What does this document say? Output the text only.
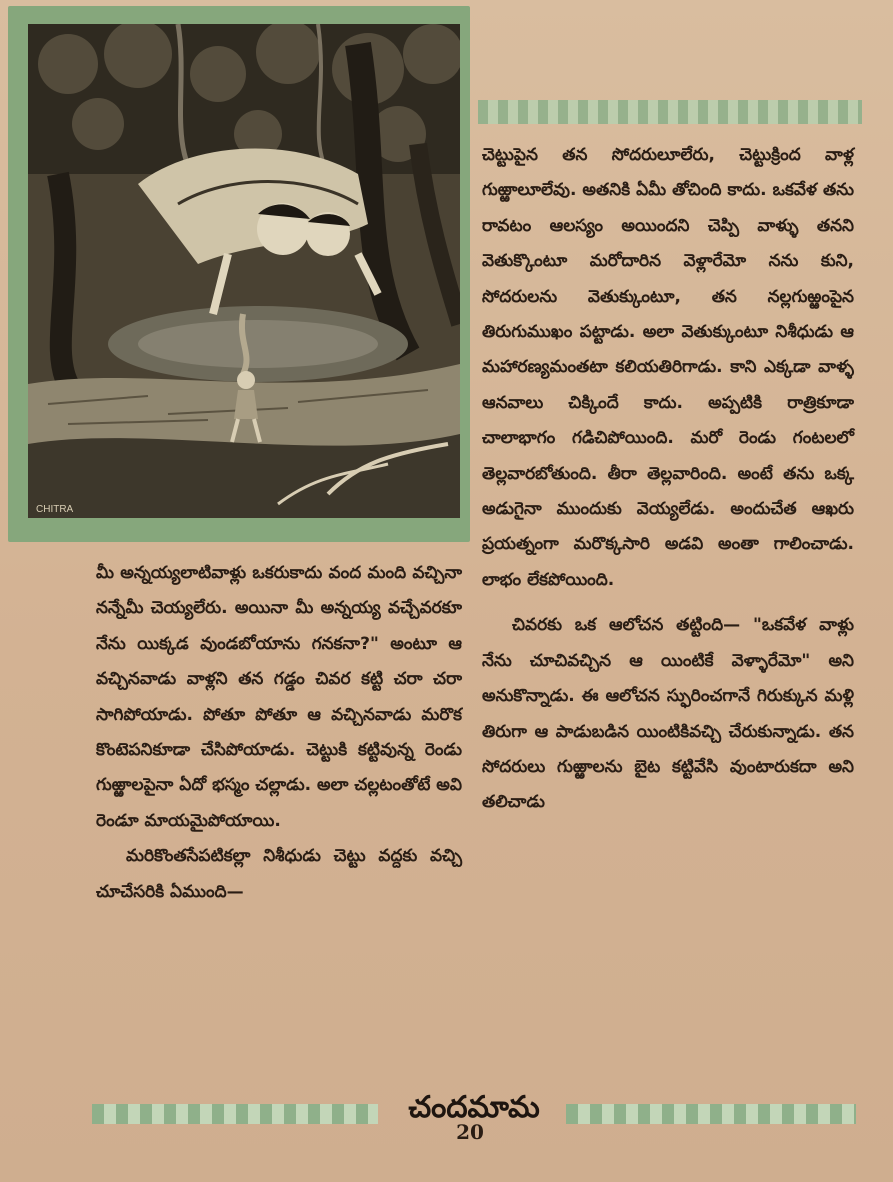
CHITRA

చెట్టుపైన తన సోదరులూలేరు, చెట్టుక్రింద వాళ్ల గుఱ్ఱాలూలేవు. అతనికి ఏమీ తోచింది కాదు. ఒకవేళ తను రావటం ఆలస్యం అయిందని చెప్పి వాళ్ళు తనని వెతుక్కొంటూ మరోదారిన వెళ్లారేమో నను కుని, సోదరులను వెతుక్కుంటూ, తన నల్లగుఱ్ఱంపైన తిరుగుముఖం పట్టాడు. అలా వెతుక్కుంటూ నిశీధుడు ఆ మహారణ్యమంతటా కలియతిరిగాడు. కాని ఎక్కడా వాళ్ళ ఆనవాలు చిక్కిందే కాదు. అప్పటికి రాత్రికూడా చాలాభాగం గడిచిపోయింది. మరో రెండు గంటలలో తెల్లవారబోతుంది. తీరా తెల్లవారింది. అంటే తను ఒక్క అడుగైనా ముందుకు వెయ్యలేడు. అందుచేత ఆఖరు ప్రయత్నంగా మరొక్కసారి అడవి అంతా గాలించాడు. లాభం లేకపోయింది.

చివరకు ఒక ఆలోచన తట్టింది— "ఒకవేళ వాళ్లు నేను చూచివచ్చిన ఆ యింటికే వెళ్ళారేమో" అని అనుకొన్నాడు. ఈ ఆలోచన స్ఫురించగానే గిరుక్కున మళ్లి తిరుగా ఆ పాడుబడిన యింటికివచ్చి చేరుకున్నాడు. తన సోదరులు గుఱ్ఱాలను బైట కట్టివేసి వుంటారుకదా అని తలిచాడు

మీ అన్నయ్యలాటివాళ్లు ఒకరుకాదు వంద మంది వచ్చినా నన్నేమీ చెయ్యలేరు. అయినా మీ అన్నయ్య వచ్చేవరకూ నేను యిక్కడ వుండబోయాను గనకనా?" అంటూ ఆ వచ్చినవాడు వాళ్లని తన గడ్డం చివర కట్టి చరా చరా సాగిపోయాడు. పోతూ పోతూ ఆ వచ్చినవాడు మరొక కొంటెపనికూడా చేసిపోయాడు. చెట్టుకి కట్టివున్న రెండు గుఱ్ఱాలపైనా ఏదో భస్మం చల్లాడు. అలా చల్లటంతోటే అవి రెండూ మాయమైపోయాయి.

మరికొంతసేపటికల్లా నిశీధుడు చెట్టు వద్దకు వచ్చి చూచేసరికి ఏముంది—

చందమామ
20
